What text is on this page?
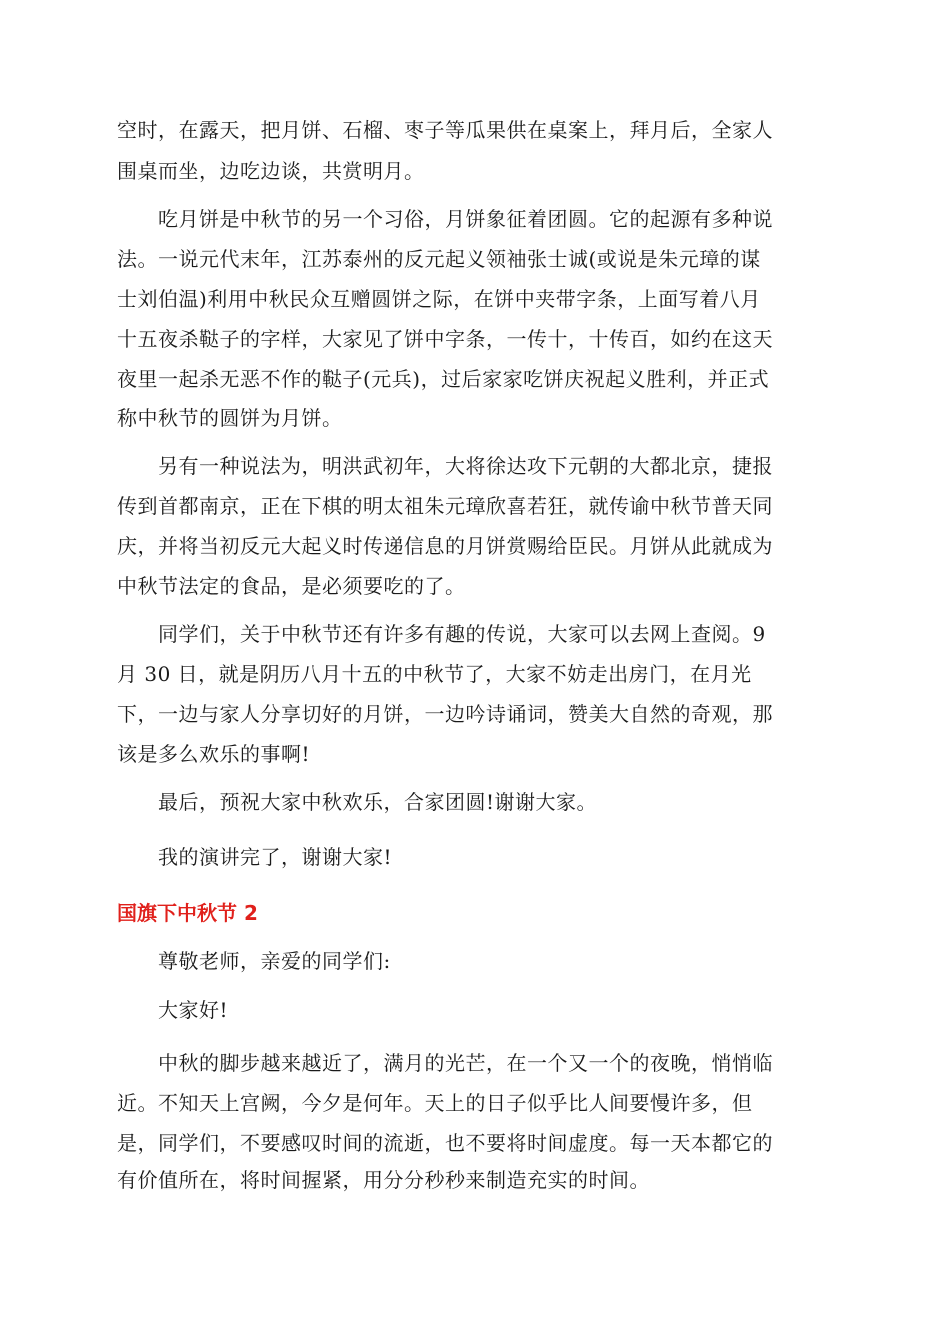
空时，在露天，把月饼、石榴、枣子等瓜果供在桌案上，拜月后，全家人
围桌而坐，边吃边谈，共赏明月。
　　吃月饼是中秋节的另一个习俗，月饼象征着团圆。它的起源有多种说
法。一说元代末年，江苏泰州的反元起义领袖张士诚(或说是朱元璋的谋
士刘伯温)利用中秋民众互赠圆饼之际，在饼中夹带字条，上面写着八月
十五夜杀鞑子的字样，大家见了饼中字条，一传十，十传百，如约在这天
夜里一起杀无恶不作的鞑子(元兵)，过后家家吃饼庆祝起义胜利，并正式
称中秋节的圆饼为月饼。
　　另有一种说法为，明洪武初年，大将徐达攻下元朝的大都北京，捷报
传到首都南京，正在下棋的明太祖朱元璋欣喜若狂，就传谕中秋节普天同
庆，并将当初反元大起义时传递信息的月饼赏赐给臣民。月饼从此就成为
中秋节法定的食品，是必须要吃的了。
　　同学们，关于中秋节还有许多有趣的传说，大家可以去网上查阅。9
月 30 日，就是阴历八月十五的中秋节了，大家不妨走出房门，在月光
下，一边与家人分享切好的月饼，一边吟诗诵词，赞美大自然的奇观，那
该是多么欢乐的事啊!
　　最后，预祝大家中秋欢乐，合家团圆!谢谢大家。
　　我的演讲完了，谢谢大家!
国旗下中秋节 2
　　尊敬老师，亲爱的同学们:
　　大家好!
　　中秋的脚步越来越近了，满月的光芒，在一个又一个的夜晚，悄悄临
近。不知天上宫阙，今夕是何年。天上的日子似乎比人间要慢许多，但
是，同学们，不要感叹时间的流逝，也不要将时间虚度。每一天本都它的
有价值所在，将时间握紧，用分分秒秒来制造充实的时间。
